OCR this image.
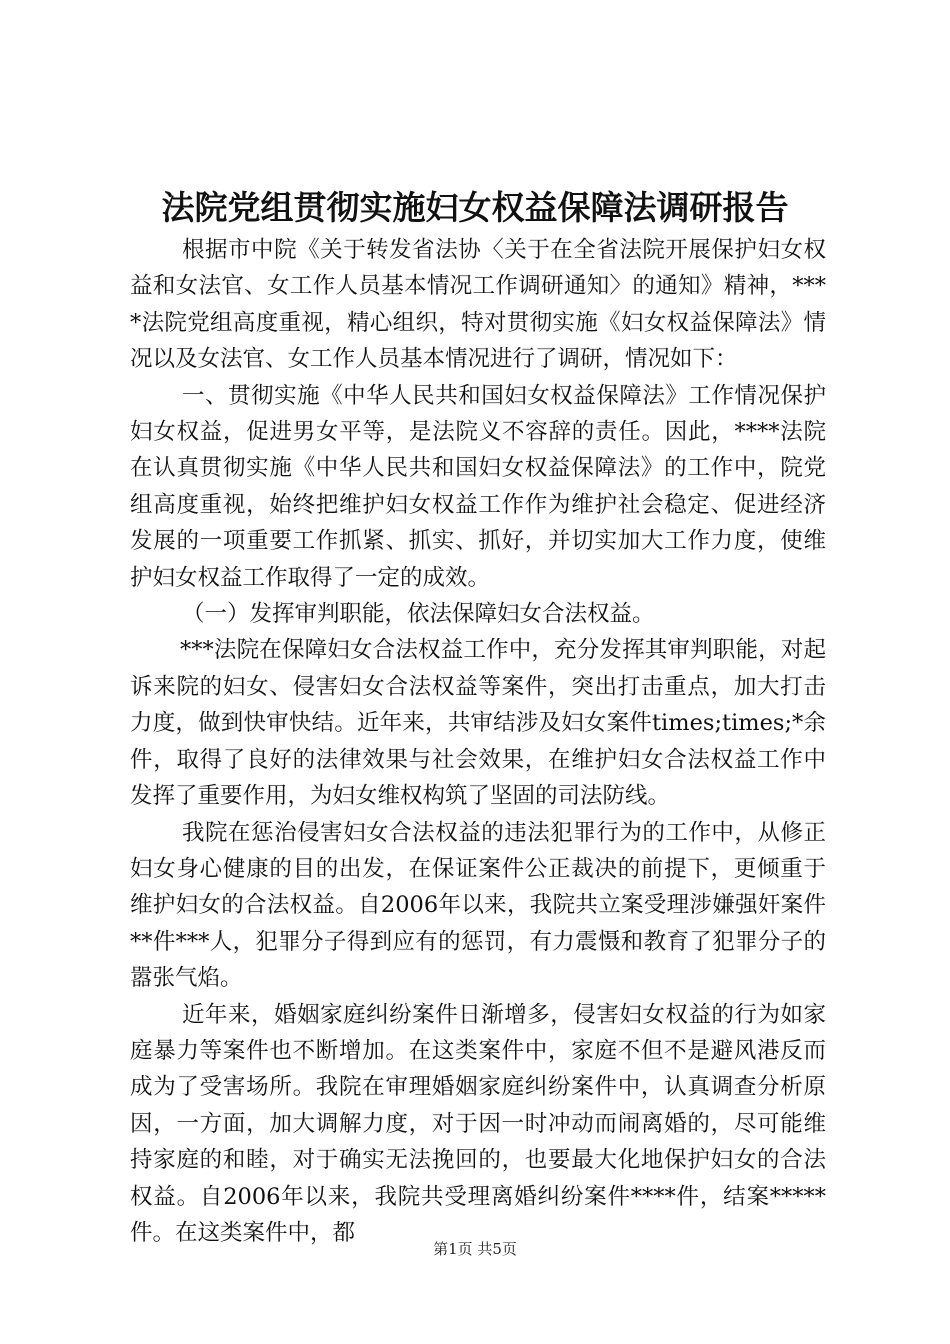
法院党组贯彻实施妇女权益保障法调研报告

根据市中院《关于转发省法协〈关于在全省法院开展保护妇女权益和女法官、女工作人员基本情况工作调研通知〉的通知》精神，****法院党组高度重视，精心组织，特对贯彻实施《妇女权益保障法》情况以及女法官、女工作人员基本情况进行了调研，情况如下：

一、贯彻实施《中华人民共和国妇女权益保障法》工作情况保护妇女权益，促进男女平等，是法院义不容辞的责任。因此，****法院在认真贯彻实施《中华人民共和国妇女权益保障法》的工作中，院党组高度重视，始终把维护妇女权益工作作为维护社会稳定、促进经济发展的一项重要工作抓紧、抓实、抓好，并切实加大工作力度，使维护妇女权益工作取得了一定的成效。

（一）发挥审判职能，依法保障妇女合法权益。

***法院在保障妇女合法权益工作中，充分发挥其审判职能，对起诉来院的妇女、侵害妇女合法权益等案件，突出打击重点，加大打击力度，做到快审快结。近年来，共审结涉及妇女案件times;times;*余件，取得了良好的法律效果与社会效果，在维护妇女合法权益工作中发挥了重要作用，为妇女维权构筑了坚固的司法防线。

我院在惩治侵害妇女合法权益的违法犯罪行为的工作中，从修正妇女身心健康的目的出发，在保证案件公正裁决的前提下，更倾重于维护妇女的合法权益。自2006年以来，我院共立案受理涉嫌强奸案件**件***人，犯罪分子得到应有的惩罚，有力震慑和教育了犯罪分子的嚣张气焰。

近年来，婚姻家庭纠纷案件日渐增多，侵害妇女权益的行为如家庭暴力等案件也不断增加。在这类案件中，家庭不但不是避风港反而成为了受害场所。我院在审理婚姻家庭纠纷案件中，认真调查分析原因，一方面，加大调解力度，对于因一时冲动而闹离婚的，尽可能维持家庭的和睦，对于确实无法挽回的，也要最大化地保护妇女的合法权益。自2006年以来，我院共受理离婚纠纷案件****件，结案*****件。在这类案件中，都

第1页 共5页
